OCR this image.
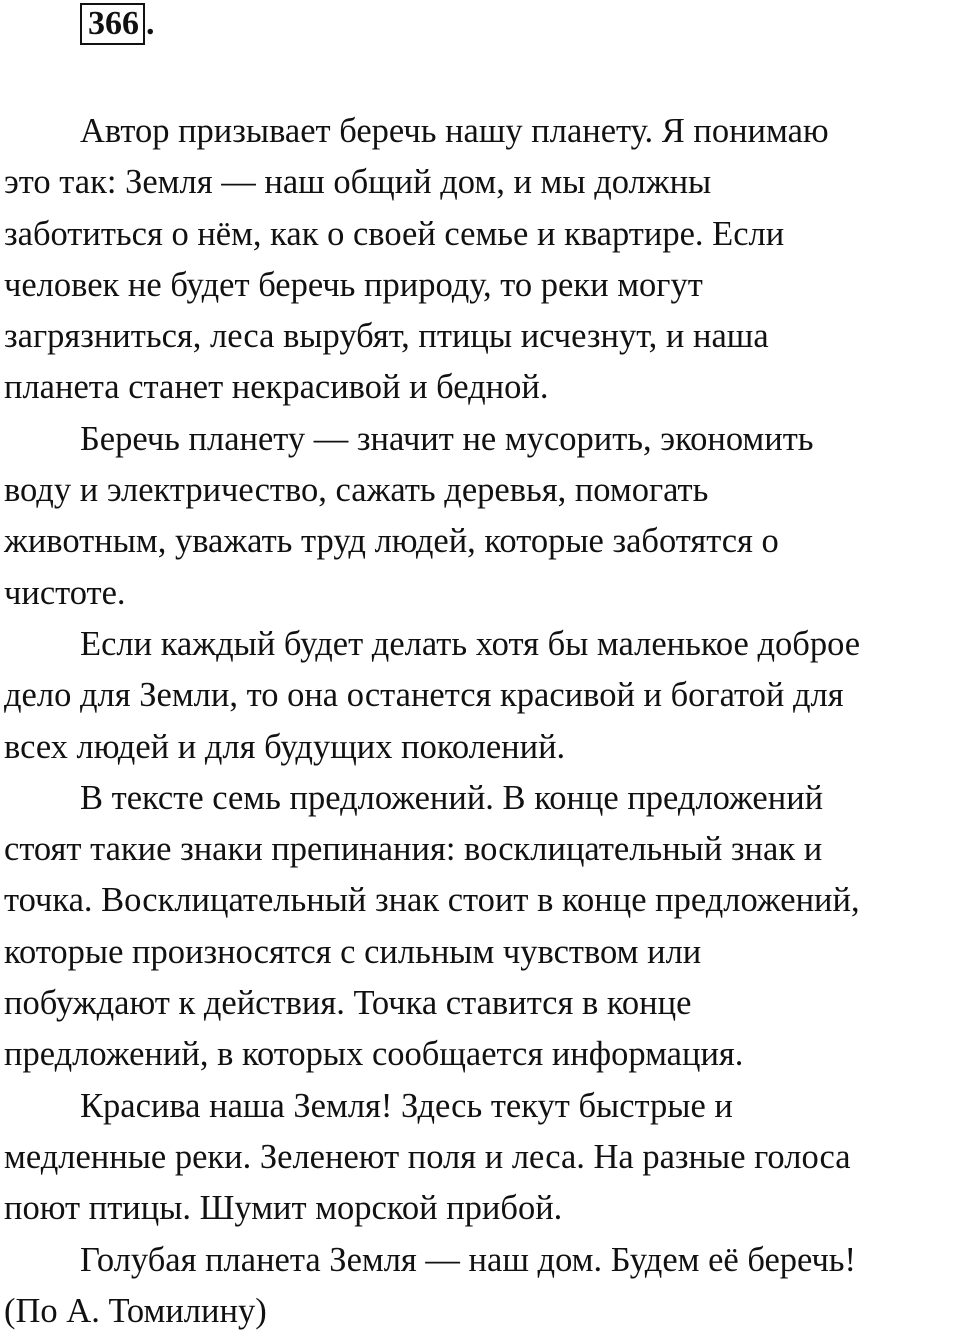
366 .
Автор призывает беречь нашу планету. Я понимаю
это так: Земля — наш общий дом, и мы должны
заботиться о нём, как о своей семье и квартире. Если
человек не будет беречь природу, то реки могут
загрязниться, леса вырубят, птицы исчезнут, и наша
планета станет некрасивой и бедной.
Беречь планету — значит не мусорить, экономить
воду и электричество, сажать деревья, помогать
животным, уважать труд людей, которые заботятся о
чистоте.
Если каждый будет делать хотя бы маленькое доброе
дело для Земли, то она останется красивой и богатой для
всех людей и для будущих поколений.
В тексте семь предложений. В конце предложений
стоят такие знаки препинания: восклицательный знак и
точка. Восклицательный знак стоит в конце предложений,
которые произносятся с сильным чувством или
побуждают к действия. Точка ставится в конце
предложений, в которых сообщается информация.
Красива наша Земля! Здесь текут быстрые и
медленные реки. Зеленеют поля и леса. На разные голоса
поют птицы. Шумит морской прибой.
Голубая планета Земля — наш дом. Будем её беречь!
(По А. Томилину)
